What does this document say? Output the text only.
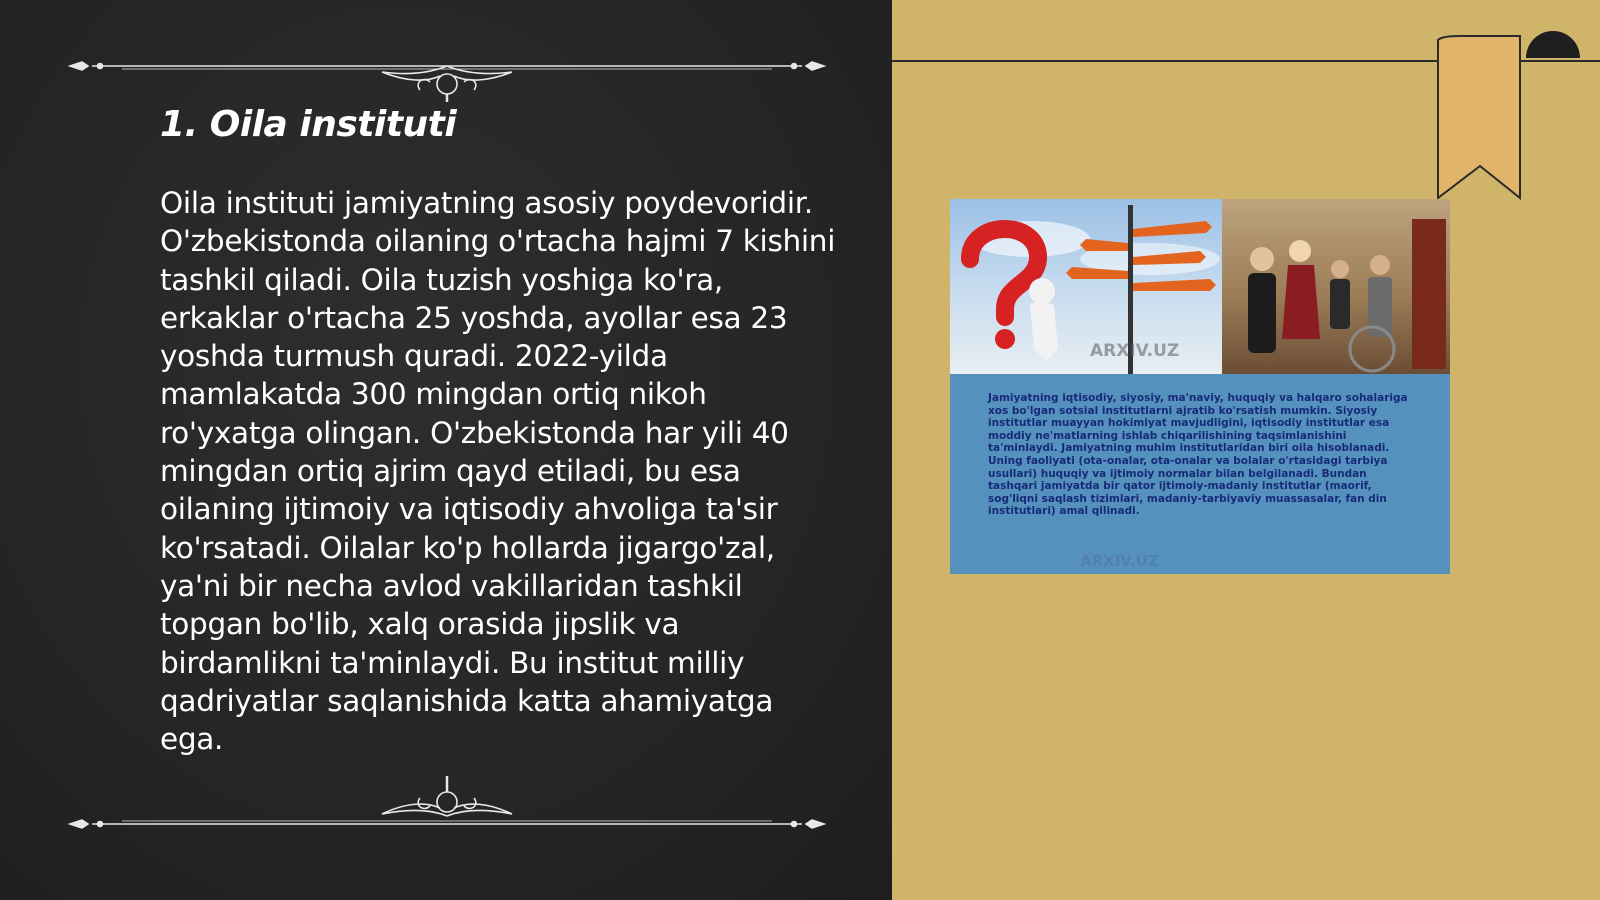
1. Oila instituti

Oila instituti jamiyatning asosiy poydevoridir. O'zbekistonda oilaning o'rtacha hajmi 7 kishini tashkil qiladi. Oila tuzish yoshiga ko'ra, erkaklar o'rtacha 25 yoshda, ayollar esa 23 yoshda turmush quradi. 2022-yilda mamlakatda 300 mingdan ortiq nikoh ro'yxatga olingan. O'zbekistonda har yili 40 mingdan ortiq ajrim qayd etiladi, bu esa oilaning ijtimoiy va iqtisodiy ahvoliga ta'sir ko'rsatadi. Oilalar ko'p hollarda jigargo'zal, ya'ni bir necha avlod vakillaridan tashkil topgan bo'lib, xalq orasida jipslik va birdamlikni ta'minlaydi. Bu institut milliy qadriyatlar saqlanishida katta ahamiyatga ega.

ARXIV.UZ

Jamiyatning iqtisodiy, siyosiy, ma'naviy, huquqiy va halqaro sohalariga xos bo'lgan sotsial institutlarni ajratib ko'rsatish mumkin. Siyosiy institutlar muayyan hokimiyat mavjudligini, iqtisodiy institutlar esa moddiy ne'matlarning ishlab chiqarilishining taqsimlanishini ta'minlaydi. Jamiyatning muhim institutlaridan biri oila hisoblanadi. Uning faoliyati (ota-onalar, ota-onalar va bolalar o'rtasidagi tarbiya usullari) huquqiy va ijtimoiy normalar bilan belgilanadi. Bundan tashqari jamiyatda bir qator ijtimoiy-madaniy institutlar (maorif, sog'liqni saqlash tizimlari, madaniy-tarbiyaviy muassasalar, fan din institutlari) amal qilinadi.

ARXIV.UZ
